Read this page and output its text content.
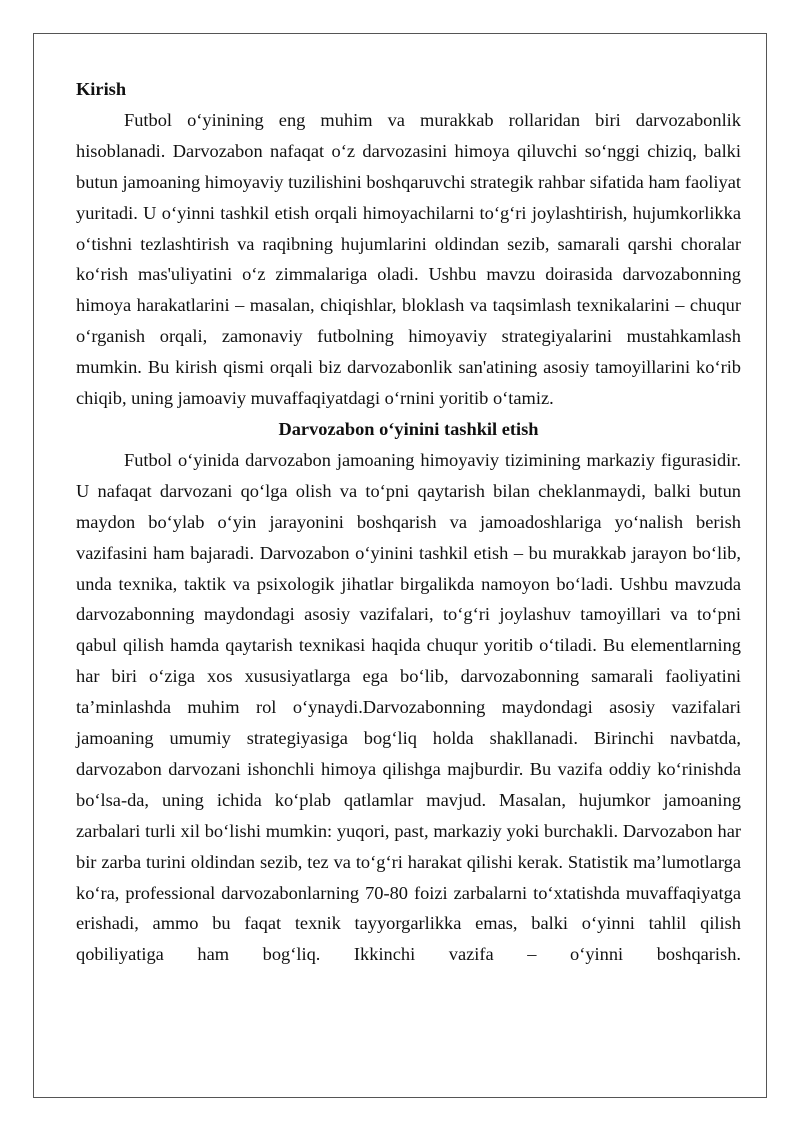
Kirish

Futbol o‘yinining eng muhim va murakkab rollaridan biri darvozabonlik hisoblanadi. Darvozabon nafaqat o‘z darvozasini himoya qiluvchi so‘nggi chiziq, balki butun jamoaning himoyaviy tuzilishini boshqaruvchi strategik rahbar sifatida ham faoliyat yuritadi. U o‘yinni tashkil etish orqali himoyachilarni to‘g‘ri joylashtirish, hujumkorlikka o‘tishni tezlashtirish va raqibning hujumlarini oldindan sezib, samarali qarshi choralar ko‘rish mas'uliyatini o‘z zimmalariga oladi. Ushbu mavzu doirasida darvozabonning himoya harakatlarini – masalan, chiqishlar, bloklash va taqsimlash texnikalarini – chuqur o‘rganish orqali, zamonaviy futbolning himoyaviy strategiyalarini mustahkamlash mumkin. Bu kirish qismi orqali biz darvozabonlik san'atining asosiy tamoyillarini ko‘rib chiqib, uning jamoaviy muvaffaqiyatdagi o‘rnini yoritib o‘tamiz.

Darvozabon o‘yinini tashkil etish

Futbol o‘yinida darvozabon jamoaning himoyaviy tizimining markaziy figurasidir. U nafaqat darvozani qo‘lga olish va to‘pni qaytarish bilan cheklanmaydi, balki butun maydon bo‘ylab o‘yin jarayonini boshqarish va jamoadoshlariga yo‘nalish berish vazifasini ham bajaradi. Darvozabon o‘yinini tashkil etish – bu murakkab jarayon bo‘lib, unda texnika, taktik va psixologik jihatlar birgalikda namoyon bo‘ladi. Ushbu mavzuda darvozabonning maydondagi asosiy vazifalari, to‘g‘ri joylashuv tamoyillari va to‘pni qabul qilish hamda qaytarish texnikasi haqida chuqur yoritib o‘tiladi. Bu elementlarning har biri o‘ziga xos xususiyatlarga ega bo‘lib, darvozabonning samarali faoliyatini ta’minlashda muhim rol o‘ynaydi.Darvozabonning maydondagi asosiy vazifalari jamoaning umumiy strategiyasiga bog‘liq holda shakllanadi. Birinchi navbatda, darvozabon darvozani ishonchli himoya qilishga majburdir. Bu vazifa oddiy ko‘rinishda bo‘lsa-da, uning ichida ko‘plab qatlamlar mavjud. Masalan, hujumkor jamoaning zarbalari turli xil bo‘lishi mumkin: yuqori, past, markaziy yoki burchakli. Darvozabon har bir zarba turini oldindan sezib, tez va to‘g‘ri harakat qilishi kerak. Statistik ma’lumotlarga ko‘ra, professional darvozabonlarning 70-80 foizi zarbalarni to‘xtatishda muvaffaqiyatga erishadi, ammo bu faqat texnik tayyorgarlikka emas, balki o‘yinni tahlil qilish qobiliyatiga ham bog‘liq. Ikkinchi vazifa – o‘yinni boshqarish.
